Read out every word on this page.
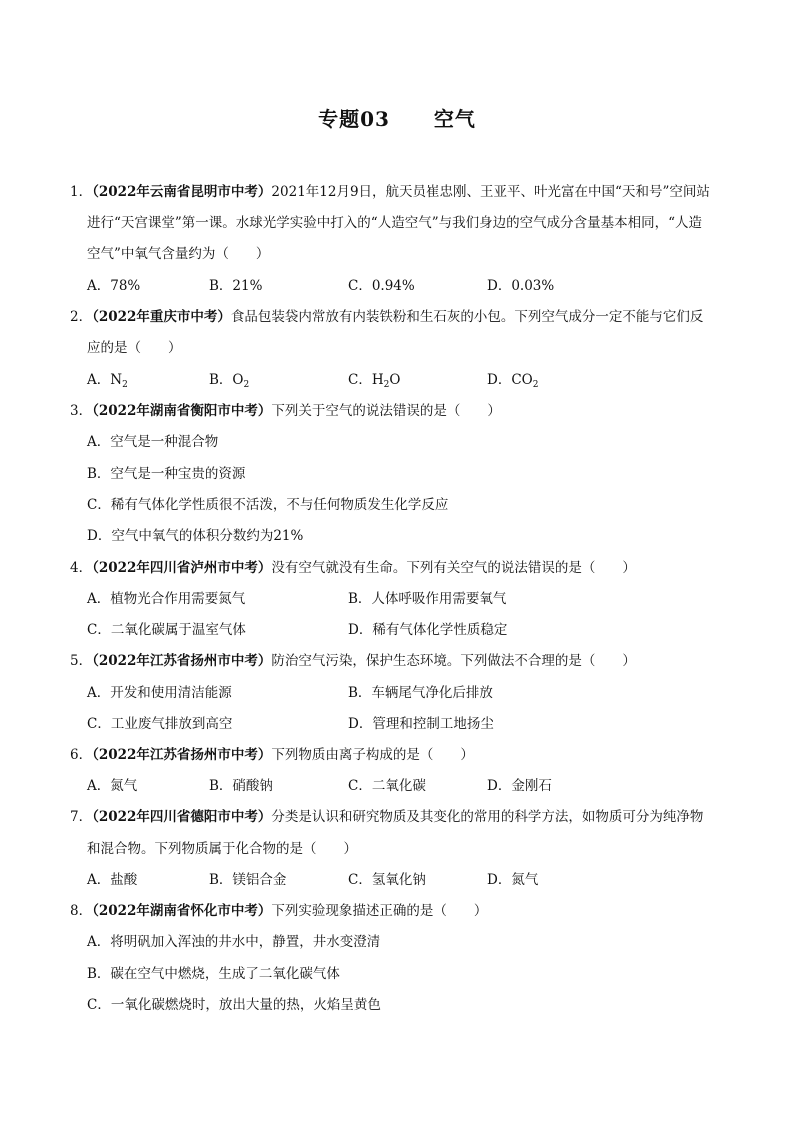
专题03 空气
1．（2022年云南省昆明市中考）2021年12月9日，航天员崔忠刚、王亚平、叶光富在中国“天和号”空间站
进行“天宫课堂”第一课。水球光学实验中打入的“人造空气”与我们身边的空气成分含量基本相同，“人造
空气”中氧气含量约为（　　）
A．78%	B．21%	C．0.94%	D．0.03%
2．（2022年重庆市中考）食品包装袋内常放有内装铁粉和生石灰的小包。下列空气成分一定不能与它们反
应的是（　　）
A．$N_2$	B．$O_2$	C．$H_2O$	D．$CO_2$
3．（2022年湖南省衡阳市中考）下列关于空气的说法错误的是（　　）
A．空气是一种混合物
B．空气是一种宝贵的资源
C．稀有气体化学性质很不活泼，不与任何物质发生化学反应
D．空气中氧气的体积分数约为21%
4．（2022年四川省泸州市中考）没有空气就没有生命。下列有关空气的说法错误的是（　　）
A．植物光合作用需要氮气	B．人体呼吸作用需要氧气
C．二氧化碳属于温室气体	D．稀有气体化学性质稳定
5．（2022年江苏省扬州市中考）防治空气污染，保护生态环境。下列做法不合理的是（　　）
A．开发和使用清洁能源	B．车辆尾气净化后排放
C．工业废气排放到高空	D．管理和控制工地扬尘
6．（2022年江苏省扬州市中考）下列物质由离子构成的是（　　）
A．氮气	B．硝酸钠	C．二氧化碳	D．金刚石
7．（2022年四川省德阳市中考）分类是认识和研究物质及其变化的常用的科学方法，如物质可分为纯净物
和混合物。下列物质属于化合物的是（　　）
A．盐酸	B．镁铝合金	C．氢氧化钠	D．氮气
8．（2022年湖南省怀化市中考）下列实验现象描述正确的是（　　）
A．将明矾加入浑浊的井水中，静置，井水变澄清
B．碳在空气中燃烧，生成了二氧化碳气体
C．一氧化碳燃烧时，放出大量的热，火焰呈黄色
